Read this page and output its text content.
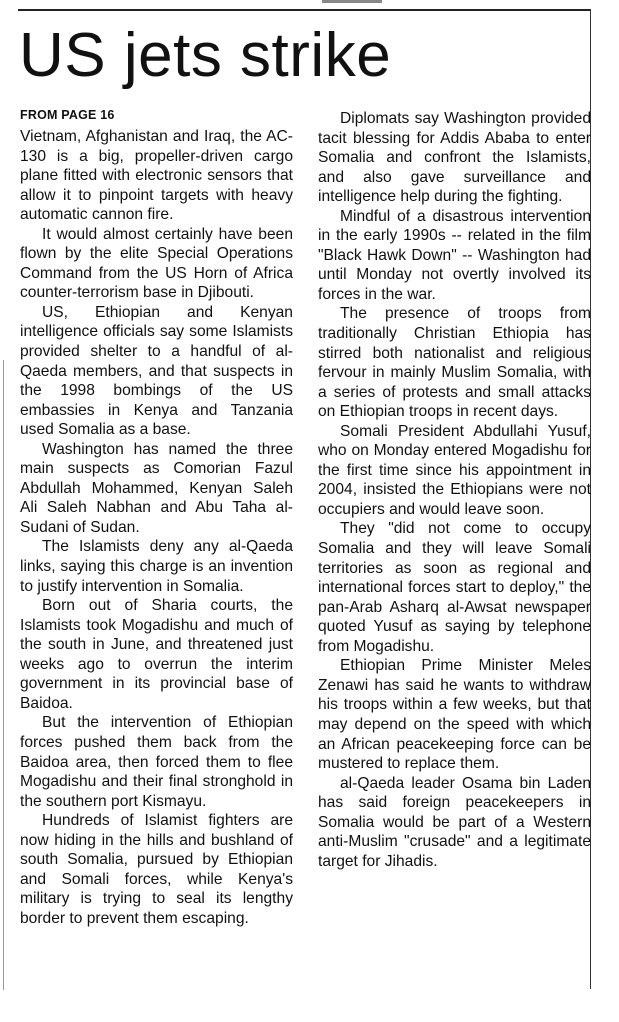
US jets strike
FROM PAGE 16

Vietnam, Afghanistan and Iraq, the AC-130 is a big, propeller-driven cargo plane fitted with electronic sensors that allow it to pinpoint targets with heavy automatic cannon fire.

It would almost certainly have been flown by the elite Special Operations Command from the US Horn of Africa counter-terrorism base in Djibouti.

US, Ethiopian and Kenyan intelligence officials say some Islamists provided shelter to a handful of al-Qaeda members, and that suspects in the 1998 bombings of the US embassies in Kenya and Tanzania used Somalia as a base.

Washington has named the three main suspects as Comorian Fazul Abdullah Mohammed, Kenyan Saleh Ali Saleh Nabhan and Abu Taha al-Sudani of Sudan.

The Islamists deny any al-Qaeda links, saying this charge is an invention to justify intervention in Somalia.

Born out of Sharia courts, the Islamists took Mogadishu and much of the south in June, and threatened just weeks ago to overrun the interim government in its provincial base of Baidoa.

But the intervention of Ethiopian forces pushed them back from the Baidoa area, then forced them to flee Mogadishu and their final stronghold in the southern port Kismayu.

Hundreds of Islamist fighters are now hiding in the hills and bushland of south Somalia, pursued by Ethiopian and Somali forces, while Kenya's military is trying to seal its lengthy border to prevent them escaping.

Diplomats say Washington provided tacit blessing for Addis Ababa to enter Somalia and confront the Islamists, and also gave surveillance and intelligence help during the fighting.

Mindful of a disastrous intervention in the early 1990s -- related in the film "Black Hawk Down" -- Washington had until Monday not overtly involved its forces in the war.

The presence of troops from traditionally Christian Ethiopia has stirred both nationalist and religious fervour in mainly Muslim Somalia, with a series of protests and small attacks on Ethiopian troops in recent days.

Somali President Abdullahi Yusuf, who on Monday entered Mogadishu for the first time since his appointment in 2004, insisted the Ethiopians were not occupiers and would leave soon.

They "did not come to occupy Somalia and they will leave Somali territories as soon as regional and international forces start to deploy," the pan-Arab Asharq al-Awsat newspaper quoted Yusuf as saying by telephone from Mogadishu.

Ethiopian Prime Minister Meles Zenawi has said he wants to withdraw his troops within a few weeks, but that may depend on the speed with which an African peacekeeping force can be mustered to replace them.

al-Qaeda leader Osama bin Laden has said foreign peacekeepers in Somalia would be part of a Western anti-Muslim "crusade" and a legitimate target for Jihadis.
